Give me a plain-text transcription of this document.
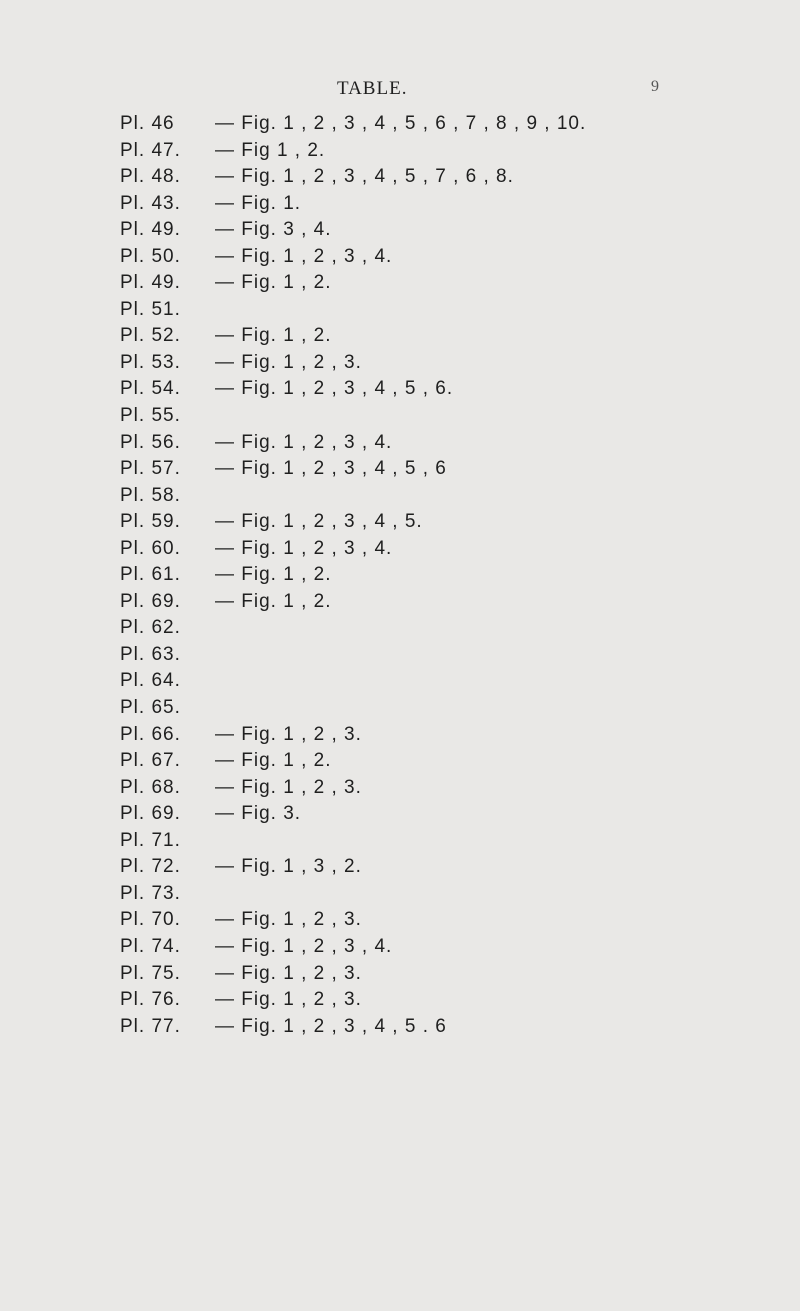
TABLE.	9
Pl. 46 — Fig. 1 , 2 , 3 , 4 , 5 , 6 , 7 , 8 , 9 , 10.
Pl. 47. — Fig 1 , 2.
Pl. 48. — Fig. 1 , 2 , 3 , 4 , 5 , 7 , 6 , 8.
Pl. 43. — Fig. 1.
Pl. 49. — Fig. 3 , 4.
Pl. 50. — Fig. 1 , 2 , 3 , 4.
Pl. 49. — Fig. 1 , 2.
Pl. 51.
Pl. 52. — Fig. 1 , 2.
Pl. 53. — Fig. 1 , 2 , 3.
Pl. 54. — Fig. 1 , 2 , 3 , 4 , 5 , 6.
Pl. 55.
Pl. 56. — Fig. 1 , 2 , 3 , 4.
Pl. 57. — Fig. 1 , 2 , 3 , 4 , 5 , 6
Pl. 58.
Pl. 59. — Fig. 1 , 2 , 3 , 4 , 5.
Pl. 60. — Fig. 1 , 2 , 3 , 4.
Pl. 61. — Fig. 1 , 2.
Pl. 69. — Fig. 1 , 2.
Pl. 62.
Pl. 63.
Pl. 64.
Pl. 65.
Pl. 66. — Fig. 1 , 2 , 3.
Pl. 67. — Fig. 1 , 2.
Pl. 68. — Fig. 1 , 2 , 3.
Pl. 69. — Fig. 3.
Pl. 71.
Pl. 72. — Fig. 1 , 3 , 2.
Pl. 73.
Pl. 70. — Fig. 1 , 2 , 3.
Pl. 74. — Fig. 1 , 2 , 3 , 4.
Pl. 75. — Fig. 1 , 2 , 3.
Pl. 76. — Fig. 1 , 2 , 3.
Pl. 77. — Fig. 1 , 2 , 3 , 4 , 5 . 6
